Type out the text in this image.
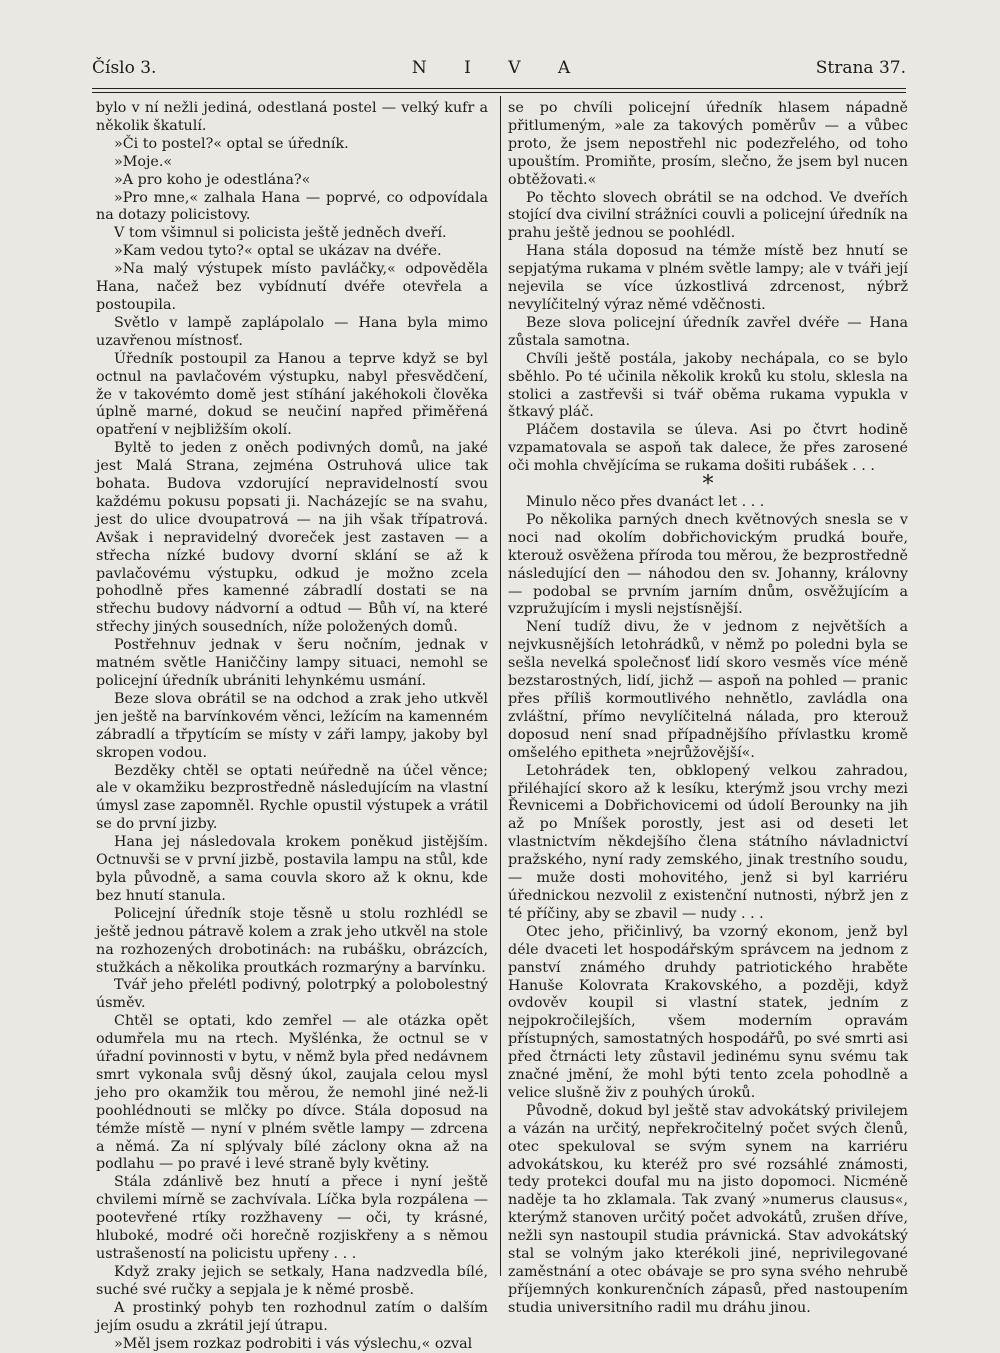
Číslo 3.	N I V A	Strana 37.

bylo v ní nežli jediná, odestlaná postel — velký kufr a několik škatulí.

»Či to postel?« optal se úředník.

»Moje.«

»A pro koho je odestlána?«

»Pro mne,« zalhala Hana — poprvé, co odpovídala na dotazy policistovy.

V tom všimnul si policista ještě jedněch dveří.

»Kam vedou tyto?« optal se ukázav na dvéře.

»Na malý výstupek místo pavláčky,« odpověděla Hana, načež bez vybídnutí dvéře otevřela a postoupila.

Světlo v lampě zaplápolalo — Hana byla mimo uzavřenou místnosť.

Úředník postoupil za Hanou a teprve když se byl octnul na pavlačovém výstupku, nabyl přesvědčení, že v takovémto domě jest stíhání jakéhokoli člověka úplně marné, dokud se neučiní napřed přiměřená opatření v nejbližším okolí.

Byltě to jeden z oněch podivných domů, na jaké jest Malá Strana, zejména Ostruhová ulice tak bohata. Budova vzdorující nepravidelností svou každému pokusu popsati ji. Nacházejíc se na svahu, jest do ulice dvoupatrová — na jih však třípatrová. Avšak i nepravidelný dvoreček jest zastaven — a střecha nízké budovy dvorní sklání se až k pavlačovému výstupku, odkud je možno zcela pohodlně přes kamenné zábradlí dostati se na střechu budovy nádvorní a odtud — Bůh ví, na které střechy jiných sousedních, níže položených domů.

Postřehnuv jednak v šeru nočním, jednak v matném světle Haniččiny lampy situaci, nemohl se policejní úředník ubrániti lehynkému usmání.

Beze slova obrátil se na odchod a zrak jeho utkvěl jen ještě na barvínkovém věnci, ležícím na kamenném zábradlí a třpytícím se místy v záři lampy, jakoby byl skropen vodou.

Bezděky chtěl se optati neúředně na účel věnce; ale v okamžiku bezprostředně následujícím na vlastní úmysl zase zapomněl. Rychle opustil výstupek a vrátil se do první jizby.

Hana jej následovala krokem poněkud jistějším. Octnuvši se v první jizbě, postavila lampu na stůl, kde byla původně, a sama couvla skoro až k oknu, kde bez hnutí stanula.

Policejní úředník stoje těsně u stolu rozhlédl se ještě jednou pátravě kolem a zrak jeho utkvěl na stole na rozhozených drobotinách: na rubášku, obrázcích, stužkách a několika proutkách rozmarýny a barvínku.

Tvář jeho přelétl podivný, polotrpký a polobolestný úsměv.

Chtěl se optati, kdo zemřel — ale otázka opět odumřela mu na rtech. Myšlénka, že octnul se v úřadní povinnosti v bytu, v němž byla před nedávnem smrt vykonala svůj děsný úkol, zaujala celou mysl jeho pro okamžik tou měrou, že nemohl jiné než-li poohlédnouti se mlčky po dívce. Stála doposud na témže místě — nyní v plném světle lampy — zdrcena a němá. Za ní splývaly bílé záclony okna až na podlahu — po pravé i levé straně byly květiny.

Stála zdánlivě bez hnutí a přece i nyní ještě chvilemi mírně se zachvívala. Líčka byla rozpálena — pootevřené rtíky rozžhaveny — oči, ty krásné, hluboké, modré oči horečně rozjiskřeny a s němou ustrašeností na policistu upřeny . . .

Když zraky jejich se setkaly, Hana nadzvedla bílé, suché své ručky a sepjala je k němé prosbě.

A prostinký pohyb ten rozhodnul zatím o dalším jejím osudu a zkrátil její útrapu.

»Měl jsem rozkaz podrobiti i vás výslechu,« ozval

se po chvíli policejní úředník hlasem nápadně přitlumeným, »ale za takových poměrův — a vůbec proto, že jsem nepostřehl nic podezřelého, od toho upouštím. Promiňte, prosím, slečno, že jsem byl nucen obtěžovati.«

Po těchto slovech obrátil se na odchod. Ve dveřích stojící dva civilní strážníci couvli a policejní úředník na prahu ještě jednou se poohlédl.

Hana stála doposud na témže místě bez hnutí se sepjatýma rukama v plném světle lampy; ale v tváři její nejevila se více úzkostlivá zdrcenost, nýbrž nevylíčitelný výraz němé vděčnosti.

Beze slova policejní úředník zavřel dvéře — Hana zůstala samotna.

Chvíli ještě postála, jakoby nechápala, co se bylo sběhlo. Po té učinila několik kroků ku stolu, sklesla na stolici a zastřevši si tvář oběma rukama vypukla v štkavý pláč.

Pláčem dostavila se úleva. Asi po čtvrt hodině vzpamatovala se aspoň tak dalece, že přes zarosené oči mohla chvějícíma se rukama došiti rubášek . . .

*

Minulo něco přes dvanáct let . . .

Po několika parných dnech květnových snesla se v noci nad okolím dobřichovickým prudká bouře, kterouž osvěžena příroda tou měrou, že bezprostředně následující den — náhodou den sv. Johanny, královny — podobal se prvním jarním dnům, osvěžujícím a vzpružujícím i mysli nejstísnější.

Není tudíž divu, že v jednom z největších a nejvkusnějších letohrádků, v němž po poledni byla se sešla nevelká společnosť lidí skoro vesměs více méně bezstarostných, lidí, jichž — aspoň na pohled — pranic přes příliš kormoutlivého nehnětlo, zavládla ona zvláštní, přímo nevylíčitelná nálada, pro kterouž doposud není snad případnějšího přívlastku kromě omšelého epitheta »nejrůžovější«.

Letohrádek ten, obklopený velkou zahradou, přiléhající skoro až k lesíku, kterýmž jsou vrchy mezi Řevnicemi a Dobřichovicemi od údolí Berounky na jih až po Mníšek porostly, jest asi od deseti let vlastnictvím někdejšího člena státního návladnictví pražského, nyní rady zemského, jinak trestního soudu, — muže dosti mohovitého, jenž si byl karriéru úřednickou nezvolil z existenční nutnosti, nýbrž jen z té příčiny, aby se zbavil — nudy . . .

Otec jeho, přičinlivý, ba vzorný ekonom, jenž byl déle dvaceti let hospodářským správcem na jednom z panství známého druhdy patriotického hraběte Hanuše Kolovrata Krakovského, a později, když ovdověv koupil si vlastní statek, jedním z nejpokročilejších, všem moderním opravám přístupných, samostatných hospodářů, po své smrti asi před čtrnácti lety zůstavil jedinému synu svému tak značné jmění, že mohl býti tento zcela pohodlně a velice slušně živ z pouhých úroků.

Původně, dokud byl ještě stav advokátský privilejem a vázán na určitý, nepřekročitelný počet svých členů, otec spekuloval se svým synem na karriéru advokátskou, ku kteréž pro své rozsáhlé známosti, tedy protekci doufal mu na jisto dopomoci. Nicméně naděje ta ho zklamala. Tak zvaný »numerus clausus«, kterýmž stanoven určitý počet advokátů, zrušen dříve, nežli syn nastoupil studia právnická. Stav advokátský stal se volným jako kterékoli jiné, neprivilegované zaměstnání a otec obávaje se pro syna svého nehrubě příjemných konkurenčních zápasů, před nastoupením studia universitního radil mu dráhu jinou.
